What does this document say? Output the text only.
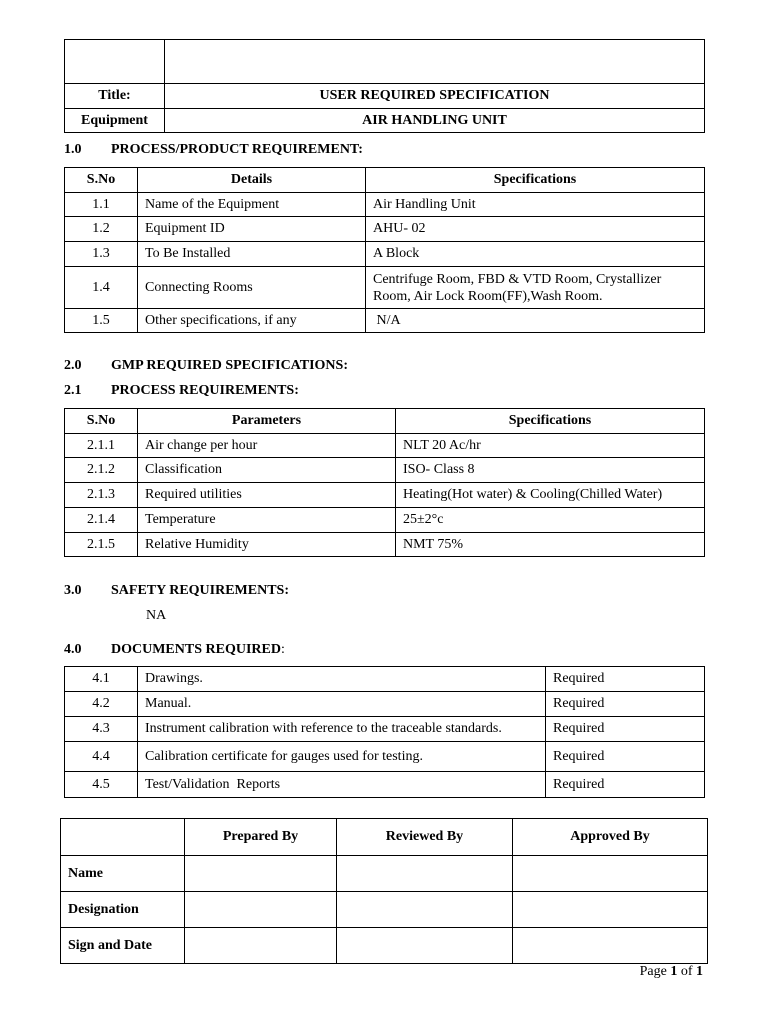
Title:	USER REQUIRED SPECIFICATION
Equipment	AIR HANDLING UNIT
1.0 PROCESS/PRODUCT REQUIREMENT:
S.No	Details	Specifications
1.1	Name of the Equipment	Air Handling Unit
1.2	Equipment ID	AHU- 02
1.3	To Be Installed	A Block
1.4	Connecting Rooms	Centrifuge Room, FBD & VTD Room, Crystallizer Room, Air Lock Room(FF),Wash Room.
1.5	Other specifications, if any	N/A
2.0 GMP REQUIRED SPECIFICATIONS:
2.1 PROCESS REQUIREMENTS:
S.No	Parameters	Specifications
2.1.1	Air change per hour	NLT 20 Ac/hr
2.1.2	Classification	ISO- Class 8
2.1.3	Required utilities	Heating(Hot water) & Cooling(Chilled Water)
2.1.4	Temperature	25±2°c
2.1.5	Relative Humidity	NMT 75%
3.0 SAFETY REQUIREMENTS:
NA
4.0 DOCUMENTS REQUIRED:
4.1	Drawings.	Required
4.2	Manual.	Required
4.3	Instrument calibration with reference to the traceable standards.	Required
4.4	Calibration certificate for gauges used for testing.	Required
4.5	Test/Validation  Reports	Required
	Prepared By	Reviewed By	Approved By
Name			
Designation			
Sign and Date			
Page 1 of 1
